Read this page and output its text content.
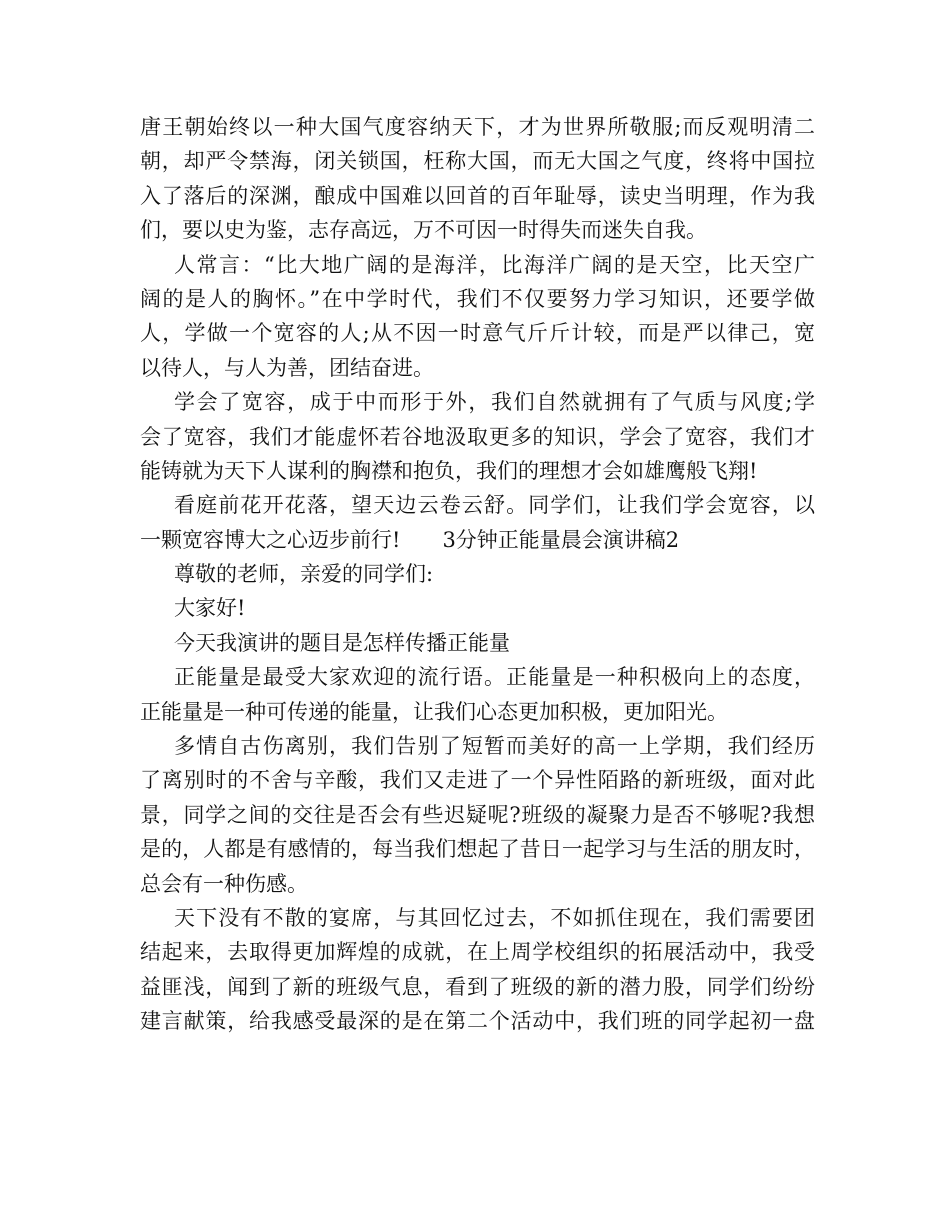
唐王朝始终以一种大国气度容纳天下，才为世界所敬服;而反观明清二
朝，却严令禁海，闭关锁国，枉称大国，而无大国之气度，终将中国拉
入了落后的深渊，酿成中国难以回首的百年耻辱，读史当明理，作为我
们，要以史为鉴，志存高远，万不可因一时得失而迷失自我。
人常言：“比大地广阔的是海洋，比海洋广阔的是天空，比天空广
阔的是人的胸怀。”在中学时代，我们不仅要努力学习知识，还要学做
人，学做一个宽容的人;从不因一时意气斤斤计较，而是严以律己，宽
以待人，与人为善，团结奋进。
学会了宽容，成于中而形于外，我们自然就拥有了气质与风度;学
会了宽容，我们才能虚怀若谷地汲取更多的知识，学会了宽容，我们才
能铸就为天下人谋利的胸襟和抱负，我们的理想才会如雄鹰般飞翔!
看庭前花开花落，望天边云卷云舒。同学们，让我们学会宽容，以
一颗宽容博大之心迈步前行!　　3分钟正能量晨会演讲稿2
尊敬的老师，亲爱的同学们:
大家好!
今天我演讲的题目是怎样传播正能量
正能量是最受大家欢迎的流行语。正能量是一种积极向上的态度，
正能量是一种可传递的能量，让我们心态更加积极，更加阳光。
多情自古伤离别，我们告别了短暂而美好的高一上学期，我们经历
了离别时的不舍与辛酸，我们又走进了一个异性陌路的新班级，面对此
景，同学之间的交往是否会有些迟疑呢?班级的凝聚力是否不够呢?我想
是的，人都是有感情的，每当我们想起了昔日一起学习与生活的朋友时，
总会有一种伤感。
天下没有不散的宴席，与其回忆过去，不如抓住现在，我们需要团
结起来，去取得更加辉煌的成就，在上周学校组织的拓展活动中，我受
益匪浅，闻到了新的班级气息，看到了班级的新的潜力股，同学们纷纷
建言献策，给我感受最深的是在第二个活动中，我们班的同学起初一盘
